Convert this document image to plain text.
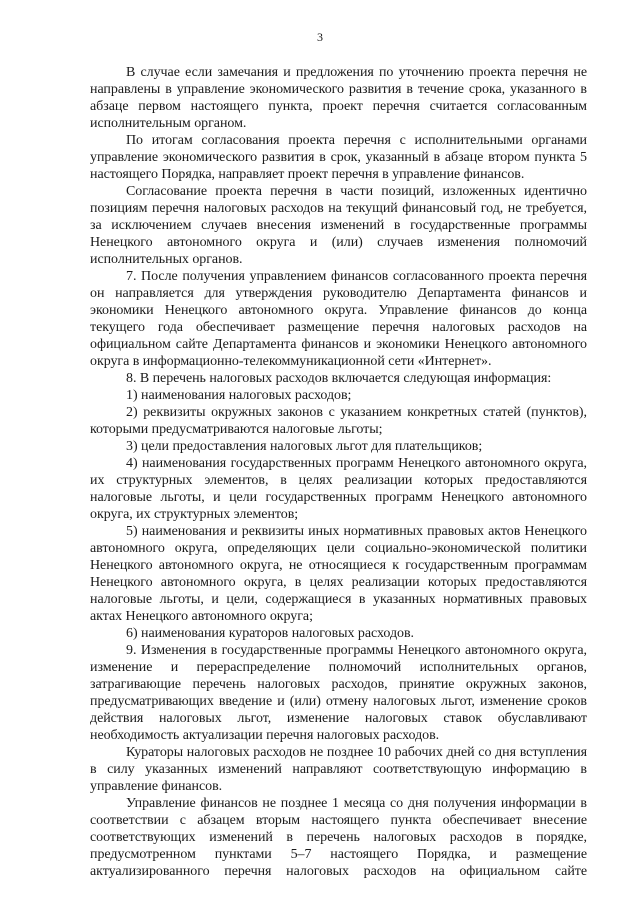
3

В случае если замечания и предложения по уточнению проекта перечня не направлены в управление экономического развития в течение срока, указанного в абзаце первом настоящего пункта, проект перечня считается согласованным исполнительным органом.

По итогам согласования проекта перечня с исполнительными органами управление экономического развития в срок, указанный в абзаце втором пункта 5 настоящего Порядка, направляет проект перечня в управление финансов.

Согласование проекта перечня в части позиций, изложенных идентично позициям перечня налоговых расходов на текущий финансовый год, не требуется, за исключением случаев внесения изменений в государственные программы Ненецкого автономного округа и (или) случаев изменения полномочий исполнительных органов.

7. После получения управлением финансов согласованного проекта перечня он направляется для утверждения руководителю Департамента финансов и экономики Ненецкого автономного округа. Управление финансов до конца текущего года обеспечивает размещение перечня налоговых расходов на официальном сайте Департамента финансов и экономики Ненецкого автономного округа в информационно-телекоммуникационной сети «Интернет».

8. В перечень налоговых расходов включается следующая информация:

1) наименования налоговых расходов;

2) реквизиты окружных законов с указанием конкретных статей (пунктов), которыми предусматриваются налоговые льготы;

3) цели предоставления налоговых льгот для плательщиков;

4) наименования государственных программ Ненецкого автономного округа, их структурных элементов, в целях реализации которых предоставляются налоговые льготы, и цели государственных программ Ненецкого автономного округа, их структурных элементов;

5) наименования и реквизиты иных нормативных правовых актов Ненецкого автономного округа, определяющих цели социально-экономической политики Ненецкого автономного округа, не относящиеся к государственным программам Ненецкого автономного округа, в целях реализации которых предоставляются налоговые льготы, и цели, содержащиеся в указанных нормативных правовых актах Ненецкого автономного округа;

6) наименования кураторов налоговых расходов.

9. Изменения в государственные программы Ненецкого автономного округа, изменение и перераспределение полномочий исполнительных органов, затрагивающие перечень налоговых расходов, принятие окружных законов, предусматривающих введение и (или) отмену налоговых льгот, изменение сроков действия налоговых льгот, изменение налоговых ставок обуславливают необходимость актуализации перечня налоговых расходов.

Кураторы налоговых расходов не позднее 10 рабочих дней со дня вступления в силу указанных изменений направляют соответствующую информацию в управление финансов.

Управление финансов не позднее 1 месяца со дня получения информации в соответствии с абзацем вторым настоящего пункта обеспечивает внесение соответствующих изменений в перечень налоговых расходов в порядке, предусмотренном пунктами 5–7 настоящего Порядка, и размещение актуализированного перечня налоговых расходов на официальном сайте
